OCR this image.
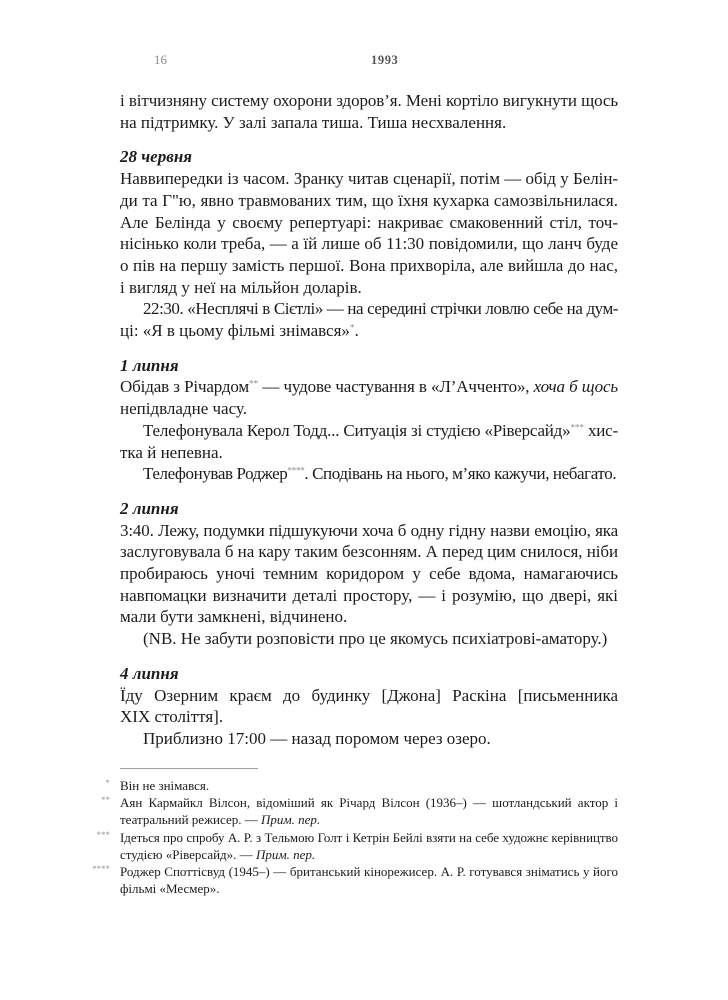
16	1993
і вітчизняну систему охорони здоров’я. Мені кортіло вигукнути щось
на підтримку. У залі запала тиша. Тиша несхвалення.
28 червня
Наввипередки із часом. Зранку читав сценарії, потім — обід у Белін-
ди та Г"ю, явно травмованих тим, що їхня кухарка самозвільнилася.
Але Белінда у своєму репертуарі: накриває смаковенний стіл, точ-
нісінько коли треба, — а їй лише об 11:30 повідомили, що ланч буде
о пів на першу замість першої. Вона прихворіла, але вийшла до нас,
і вигляд у неї на мільйон доларів.
22:30. «Несплячі в Сієтлі» — на середині стрічки ловлю себе на дум-
ці: «Я в цьому фільмі знімався»*.
1 липня
Обідав з Річардом** — чудове частування в «Л’Ачченто», хоча б щось
непідвладне часу.
Телефонувала Керол Тодд... Ситуація зі студією «Ріверсайд»*** хис-
тка й непевна.
Телефонував Роджер****. Сподівань на нього, м’яко кажучи, небагато.
2 липня
3:40. Лежу, подумки підшукуючи хоча б одну гідну назви емоцію, яка
заслуговувала б на кару таким безсонням. А перед цим снилося, ніби
пробираюсь уночі темним коридором у себе вдома, намагаючись
навпомацки визначити деталі простору, — і розумію, що двері, які
мали бути замкнені, відчинено.
(NB. Не забути розповісти про це якомусь психіатрові-аматору.)
4 липня
Їду Озерним краєм до будинку [Джона] Раскіна [письменника
XIX століття].
Приблизно 17:00 — назад поромом через озеро.
* Він не знімався.
** Аян Кармайкл Вілсон, відоміший як Річард Вілсон (1936–) — шотландський актор і
театральний режисер. — Прим. пер.
*** Ідеться про спробу А. Р. з Тельмою Голт і Кетрін Бейлі взяти на себе художнє керівництво
студією «Ріверсайд». — Прим. пер.
**** Роджер Споттісвуд (1945–) — британський кінорежисер. А. Р. готувався зніматись у його
фільмі «Месмер».
